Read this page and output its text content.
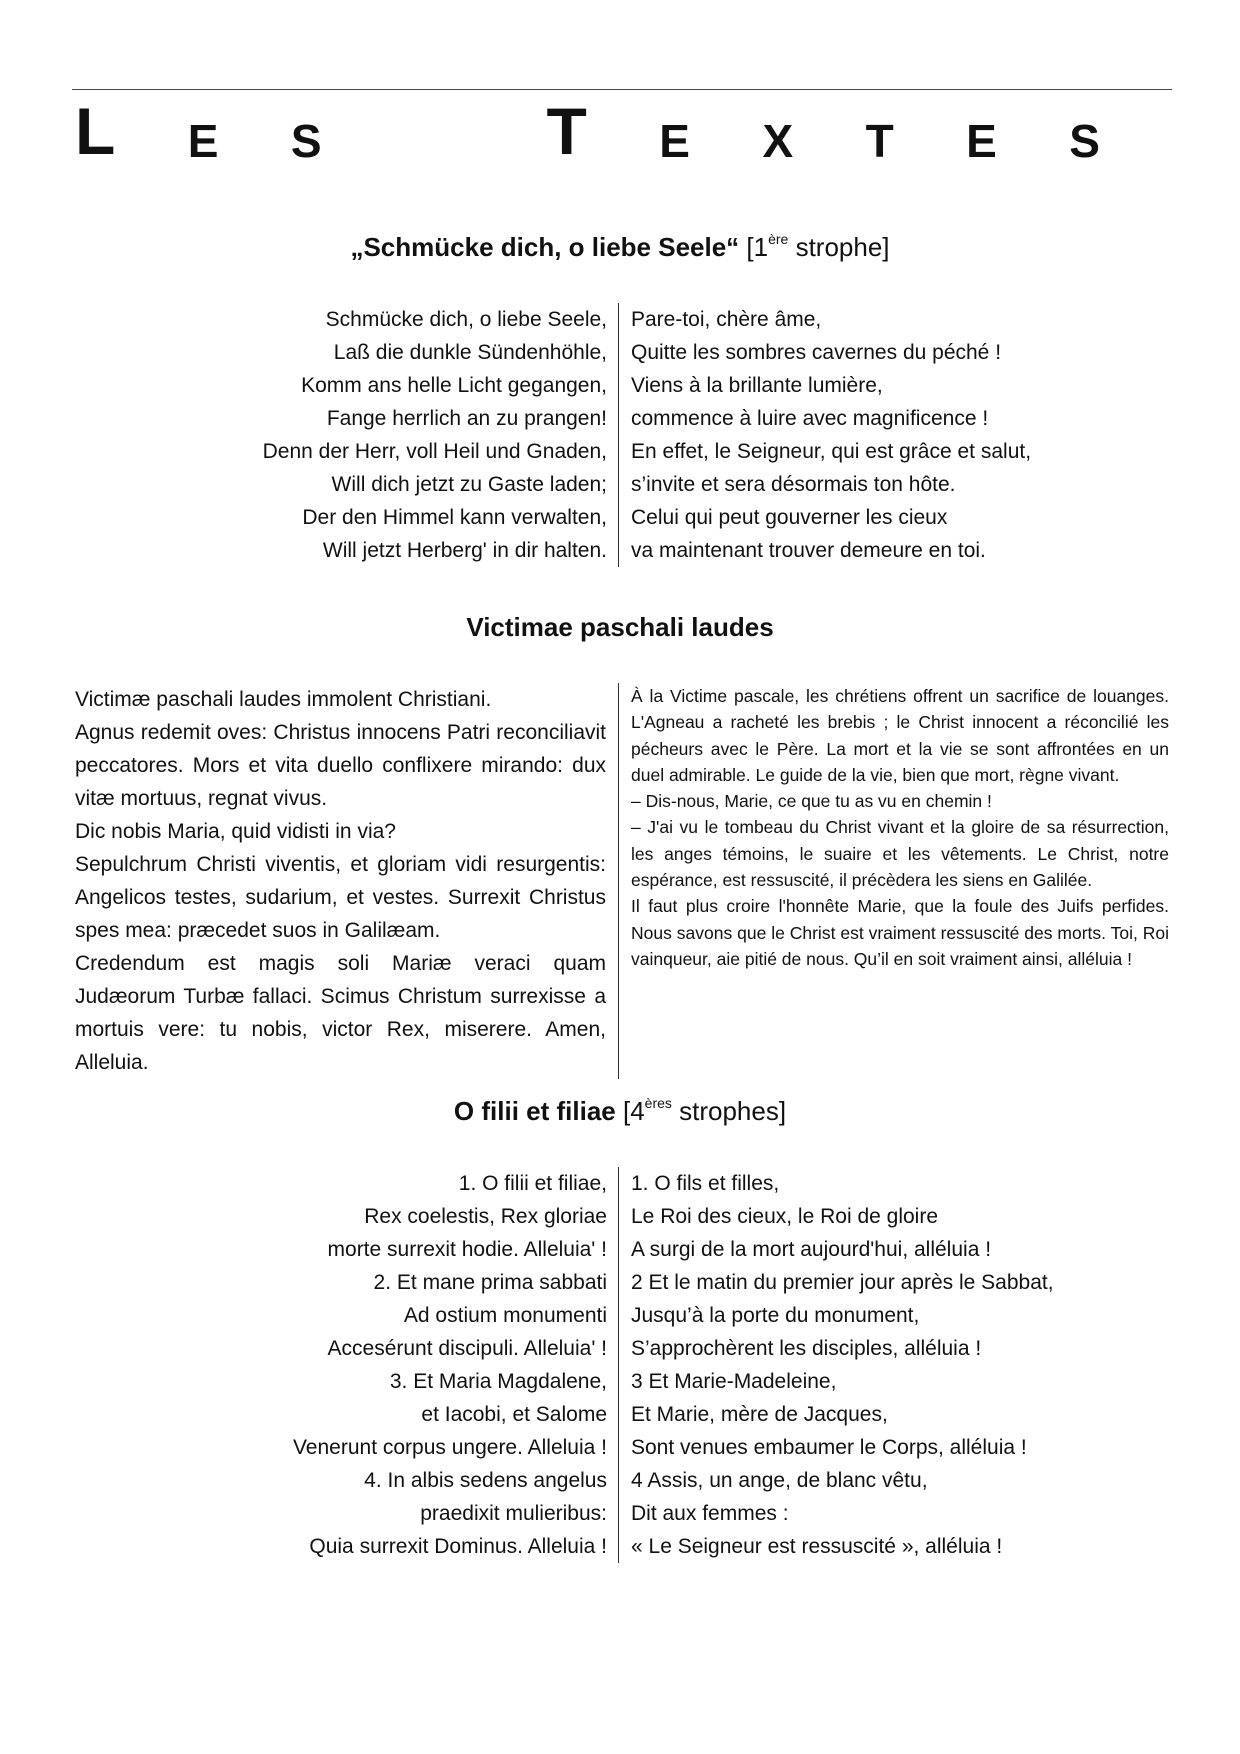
L E S	T E X T E S
„Schmücke dich, o liebe Seele“ [1ère strophe]
Schmücke dich, o liebe Seele,
Laß die dunkle Sündenhöhle,
Komm ans helle Licht gegangen,
Fange herrlich an zu prangen!
Denn der Herr, voll Heil und Gnaden,
Will dich jetzt zu Gaste laden;
Der den Himmel kann verwalten,
Will jetzt Herberg' in dir halten.
Pare-toi, chère âme,
Quitte les sombres cavernes du péché !
Viens à la brillante lumière,
commence à luire avec magnificence !
En effet, le Seigneur, qui est grâce et salut,
s’invite et sera désormais ton hôte.
Celui qui peut gouverner les cieux
va maintenant trouver demeure en toi.
Victimae paschali laudes

Victimæ paschali laudes immolent Christiani.

Agnus redemit oves: Christus innocens Patri reconciliavit peccatores. Mors et vita duello conflixere mirando: dux vitæ mortuus, regnat vivus.

Dic nobis Maria, quid vidisti in via?

Sepulchrum Christi viventis, et gloriam vidi resurgentis: Angelicos testes, sudarium, et vestes. Surrexit Christus spes mea: præcedet suos in Galilæam.

Credendum est magis soli Mariæ veraci quam Judæorum Turbæ fallaci. Scimus Christum surrexisse a mortuis vere: tu nobis, victor Rex, miserere. Amen, Alleluia.

À la Victime pascale, les chrétiens offrent un sacrifice de louanges. L'Agneau a racheté les brebis ; le Christ innocent a réconcilié les pécheurs avec le Père. La mort et la vie se sont affrontées en un duel admirable. Le guide de la vie, bien que mort, règne vivant.

– Dis-nous, Marie, ce que tu as vu en chemin !

– J'ai vu le tombeau du Christ vivant et la gloire de sa résurrection, les anges témoins, le suaire et les vêtements. Le Christ, notre espérance, est ressuscité, il précèdera les siens en Galilée.

Il faut plus croire l'honnête Marie, que la foule des Juifs perfides. Nous savons que le Christ est vraiment ressuscité des morts. Toi, Roi vainqueur, aie pitié de nous. Qu’il en soit vraiment ainsi, alléluia !

O filii et filiae [4ères strophes]
1. O filii et filiae,
Rex coelestis, Rex gloriae
morte surrexit hodie. Alleluia' !
2. Et mane prima sabbati
Ad ostium monumenti
Accesérunt discipuli. Alleluia' !
3. Et Maria Magdalene,
et Iacobi, et Salome
Venerunt corpus ungere. Alleluia !
4. In albis sedens angelus
praedixit mulieribus:
Quia surrexit Dominus. Alleluia !
1. O fils et filles,
Le Roi des cieux, le Roi de gloire
A surgi de la mort aujourd'hui, alléluia !
2 Et le matin du premier jour après le Sabbat,
Jusqu’à la porte du monument,
S’approchèrent les disciples, alléluia !
3 Et Marie-Madeleine,
Et Marie, mère de Jacques,
Sont venues embaumer le Corps, alléluia !
4 Assis, un ange, de blanc vêtu,
Dit aux femmes :
« Le Seigneur est ressuscité », alléluia !
